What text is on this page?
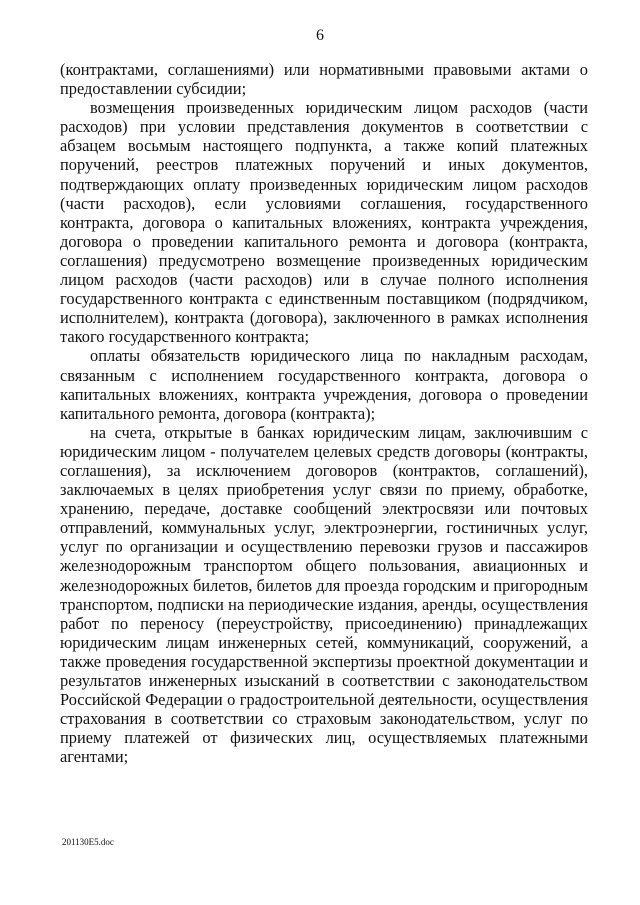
6

(контрактами, соглашениями) или нормативными правовыми актами о предоставлении субсидии;

возмещения произведенных юридическим лицом расходов (части расходов) при условии представления документов в соответствии с абзацем восьмым настоящего подпункта, а также копий платежных поручений, реестров платежных поручений и иных документов, подтверждающих оплату произведенных юридическим лицом расходов (части расходов), если условиями соглашения, государственного контракта, договора о капитальных вложениях, контракта учреждения, договора о проведении капитального ремонта и договора (контракта, соглашения) предусмотрено возмещение произведенных юридическим лицом расходов (части расходов) или в случае полного исполнения государственного контракта с единственным поставщиком (подрядчиком, исполнителем), контракта (договора), заключенного в рамках исполнения такого государственного контракта;

оплаты обязательств юридического лица по накладным расходам, связанным с исполнением государственного контракта, договора о капитальных вложениях, контракта учреждения, договора о проведении капитального ремонта, договора (контракта);

на счета, открытые в банках юридическим лицам, заключившим с юридическим лицом - получателем целевых средств договоры (контракты, соглашения), за исключением договоров (контрактов, соглашений), заключаемых в целях приобретения услуг связи по приему, обработке, хранению, передаче, доставке сообщений электросвязи или почтовых отправлений, коммунальных услуг, электроэнергии, гостиничных услуг, услуг по организации и осуществлению перевозки грузов и пассажиров железнодорожным транспортом общего пользования, авиационных и железнодорожных билетов, билетов для проезда городским и пригородным транспортом, подписки на периодические издания, аренды, осуществления работ по переносу (переустройству, присоединению) принадлежащих юридическим лицам инженерных сетей, коммуникаций, сооружений, а также проведения государственной экспертизы проектной документации и результатов инженерных изысканий в соответствии с законодательством Российской Федерации о градостроительной деятельности, осуществления страхования в соответствии со страховым законодательством, услуг по приему платежей от физических лиц, осуществляемых платежными агентами;

201130E5.doc
